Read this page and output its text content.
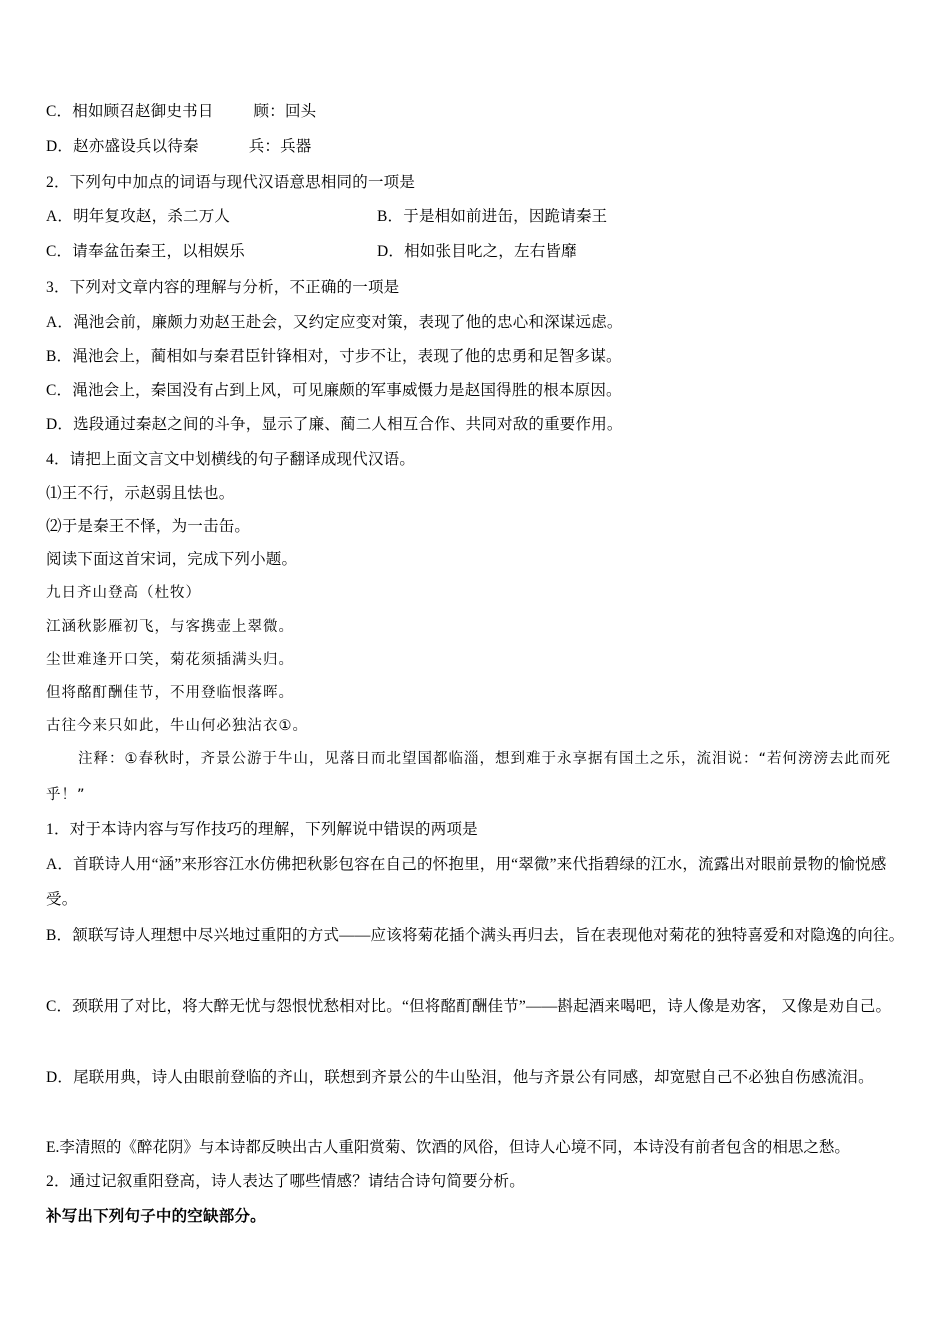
C．相如顾召赵御史书日	顾：回头
D．赵亦盛设兵以待秦	兵：兵器
2．下列句中加点的词语与现代汉语意思相同的一项是
A．明年复攻赵，杀二万人	B．于是相如前进缶，因跪请秦王
C．请奉盆缶秦王，以相娱乐	D．相如张目叱之，左右皆靡
3．下列对文章内容的理解与分析，不正确的一项是
A．渑池会前，廉颇力劝赵王赴会，又约定应变对策，表现了他的忠心和深谋远虑。
B．渑池会上，蔺相如与秦君臣针锋相对，寸步不让，表现了他的忠勇和足智多谋。
C．渑池会上，秦国没有占到上风，可见廉颇的军事威慑力是赵国得胜的根本原因。
D．选段通过秦赵之间的斗争，显示了廉、蔺二人相互合作、共同对敌的重要作用。
4．请把上面文言文中划横线的句子翻译成现代汉语。
⑴王不行，示赵弱且怯也。
⑵于是秦王不怿，为一击缶。
阅读下面这首宋词，完成下列小题。
九日齐山登高（杜牧）
江涵秋影雁初飞，与客携壶上翠微。
尘世难逢开口笑，菊花须插满头归。
但将酩酊酬佳节，不用登临恨落晖。
古往今来只如此，牛山何必独沾衣①。
注释：①春秋时，齐景公游于牛山，见落日而北望国都临淄，想到难于永享据有国土之乐，流泪说：“若何滂滂去此而死乎！”
1．对于本诗内容与写作技巧的理解，下列解说中错误的两项是
A．首联诗人用“涵”来形容江水仿佛把秋影包容在自己的怀抱里，用“翠微”来代指碧绿的江水，流露出对眼前景物的愉悦感受。
B．颔联写诗人理想中尽兴地过重阳的方式——应该将菊花插个满头再归去，旨在表现他对菊花的独特喜爱和对隐逸的向往。
C．颈联用了对比，将大醉无忧与怨恨忧愁相对比。“但将酩酊酬佳节”——斟起酒来喝吧，诗人像是劝客， 又像是劝自己。
D．尾联用典，诗人由眼前登临的齐山，联想到齐景公的牛山坠泪，他与齐景公有同感，却宽慰自己不必独自伤感流泪。
E.李清照的《醉花阴》与本诗都反映出古人重阳赏菊、饮酒的风俗，但诗人心境不同，本诗没有前者包含的相思之愁。
2．通过记叙重阳登高，诗人表达了哪些情感？请结合诗句简要分析。
补写出下列句子中的空缺部分。
